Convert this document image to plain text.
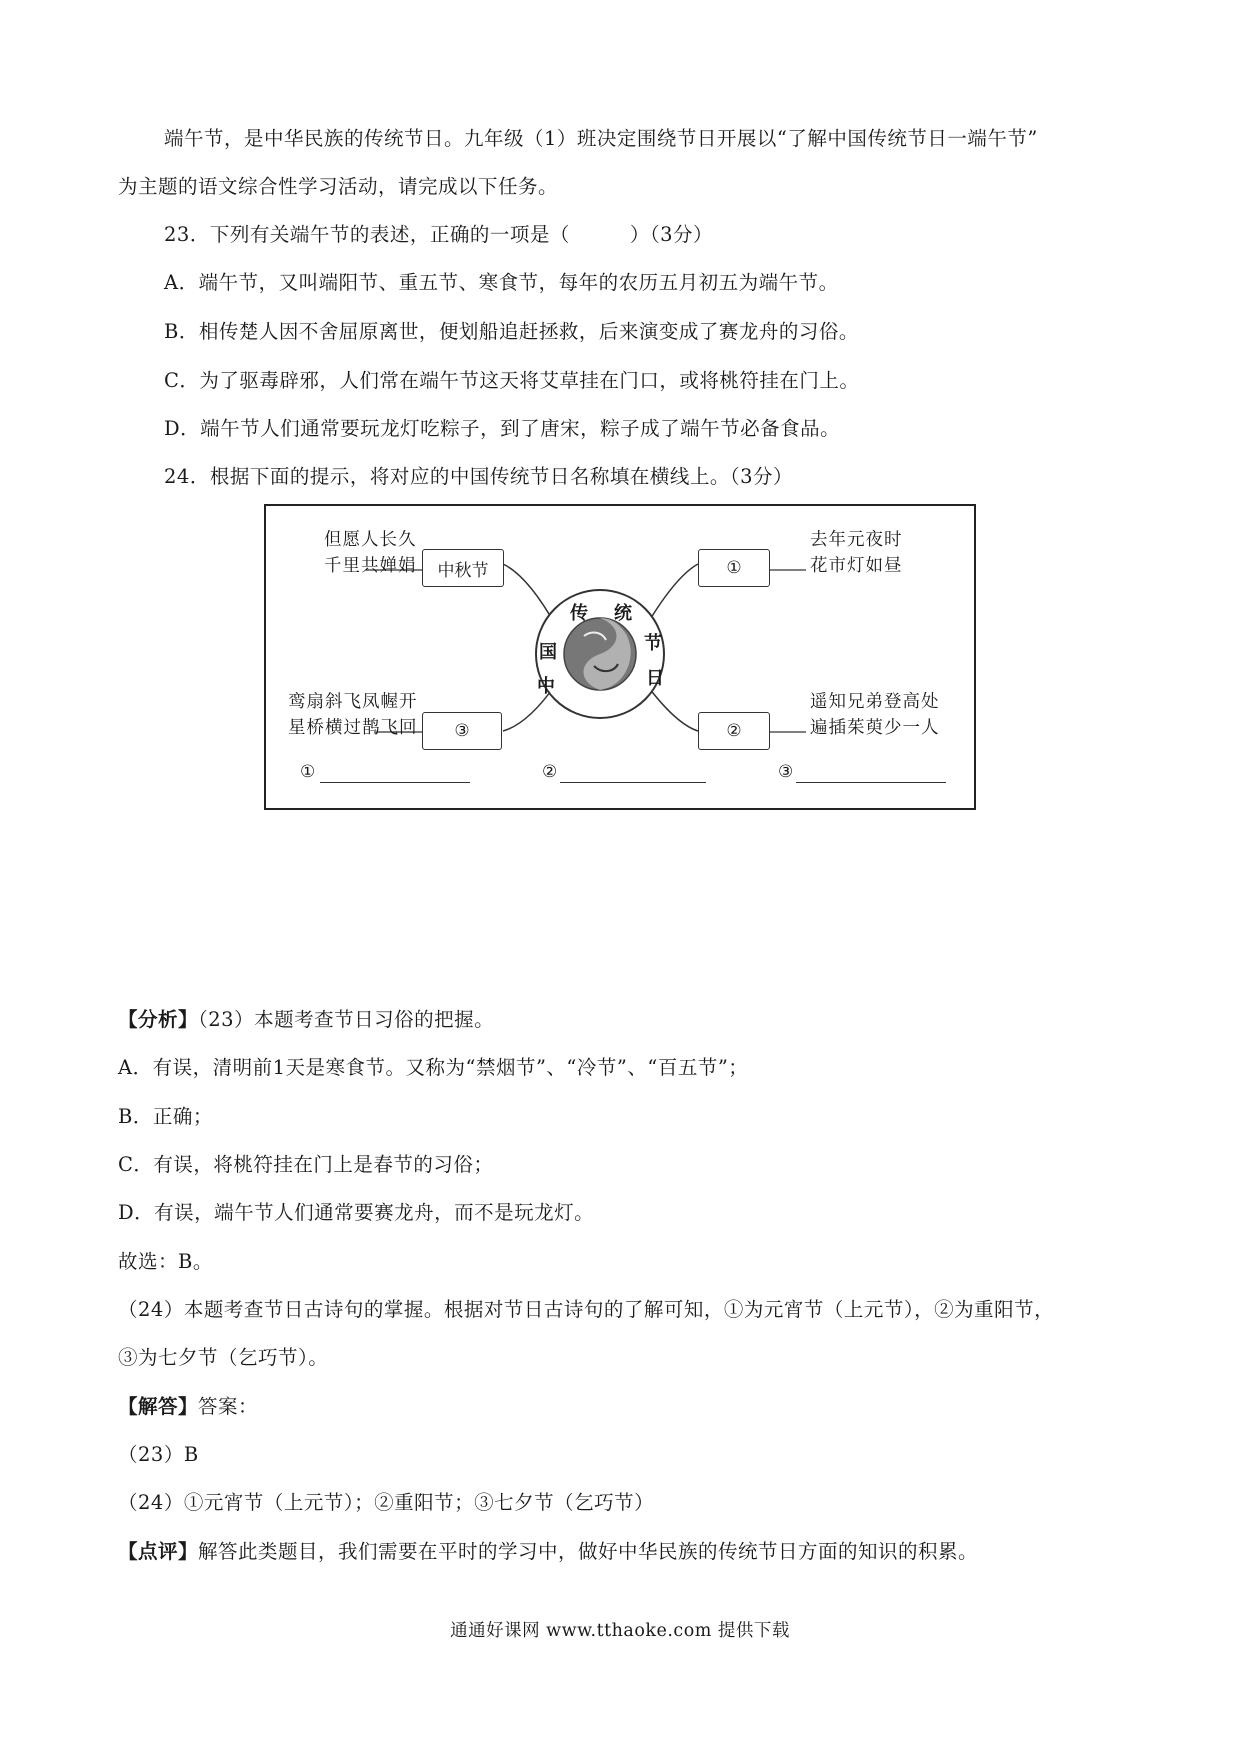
端午节，是中华民族的传统节日。九年级（1）班决定围绕节日开展以“了解中国传统节日一端午节”
为主题的语文综合性学习活动，请完成以下任务。
23．下列有关端午节的表述，正确的一项是（　　　）（3分）
A．端午节，又叫端阳节、重五节、寒食节，每年的农历五月初五为端午节。
B．相传楚人因不舍屈原离世，便划船追赶拯救，后来演变成了赛龙舟的习俗。
C．为了驱毒辟邪，人们常在端午节这天将艾草挂在门口，或将桃符挂在门上。
D．端午节人们通常要玩龙灯吃粽子，到了唐宋，粽子成了端午节必备食品。
24．根据下面的提示，将对应的中国传统节日名称填在横线上。（3分）
中
国
传 统
节
日
但愿人长久
千里共婵娟	中秋节	①
去年元夜时
花市灯如昼
鸾扇斜飞凤幄开
星桥横过鹊飞回	③	②
遥知兄弟登高处
遍插茱萸少一人
①	②	③
【分析】（23）本题考查节日习俗的把握。
A．有误，清明前1天是寒食节。又称为“禁烟节”、“冷节”、“百五节”；
B．正确；
C．有误，将桃符挂在门上是春节的习俗；
D．有误，端午节人们通常要赛龙舟，而不是玩龙灯。
故选：B。
（24）本题考查节日古诗句的掌握。根据对节日古诗句的了解可知，①为元宵节（上元节），②为重阳节，
③为七夕节（乞巧节）。
【解答】答案：
（23）B
（24）①元宵节（上元节）；②重阳节；③七夕节（乞巧节）
【点评】解答此类题目，我们需要在平时的学习中，做好中华民族的传统节日方面的知识的积累。
通通好课网 www.tthaoke.com 提供下载
